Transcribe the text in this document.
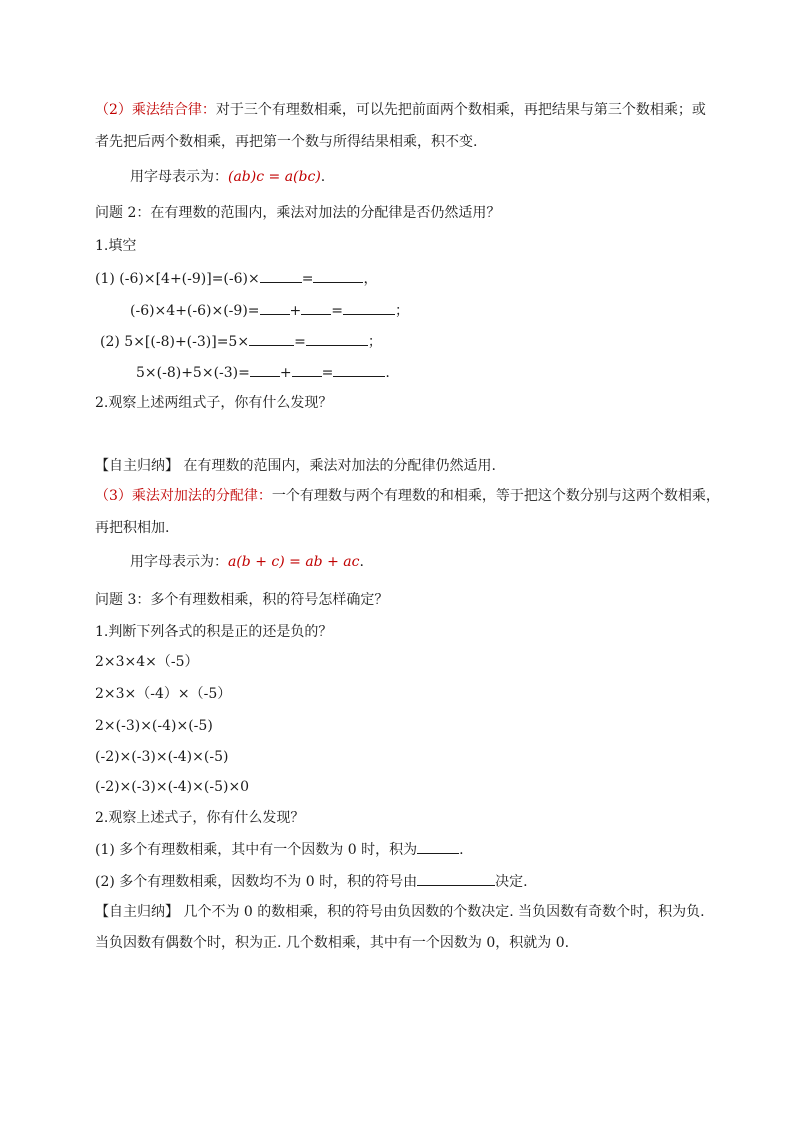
（2）乘法结合律：对于三个有理数相乘，可以先把前面两个数相乘，再把结果与第三个数相乘；或
者先把后两个数相乘，再把第一个数与所得结果相乘，积不变.
用字母表示为：(ab)c = a(bc).
问题 2：在有理数的范围内，乘法对加法的分配律是否仍然适用？
1.填空
(1) (-6)×[4+(-9)]=(-6)×	=	，
(-6)×4+(-6)×(-9)= + =	；
(2) 5×[(-8)+(-3)]=5×	=	；
5×(-8)+5×(-3)= + =	.
2.观察上述两组式子，你有什么发现？
【自主归纳】 在有理数的范围内，乘法对加法的分配律仍然适用.
（3）乘法对加法的分配律：一个有理数与两个有理数的和相乘，等于把这个数分别与这两个数相乘，
再把积相加.
用字母表示为：a(b + c) = ab + ac.
问题 3：多个有理数相乘，积的符号怎样确定？
1.判断下列各式的积是正的还是负的？
2×3×4×（-5）
2×3×（-4）×（-5）
2×(-3)×(-4)×(-5)
(-2)×(-3)×(-4)×(-5)
(-2)×(-3)×(-4)×(-5)×0
2.观察上述式子，你有什么发现？
(1) 多个有理数相乘，其中有一个因数为 0 时，积为	.
(2) 多个有理数相乘，因数均不为 0 时，积的符号由	决定.
【自主归纳】 几个不为 0 的数相乘，积的符号由负因数的个数决定. 当负因数有奇数个时，积为负.
当负因数有偶数个时，积为正. 几个数相乘，其中有一个因数为 0，积就为 0.
